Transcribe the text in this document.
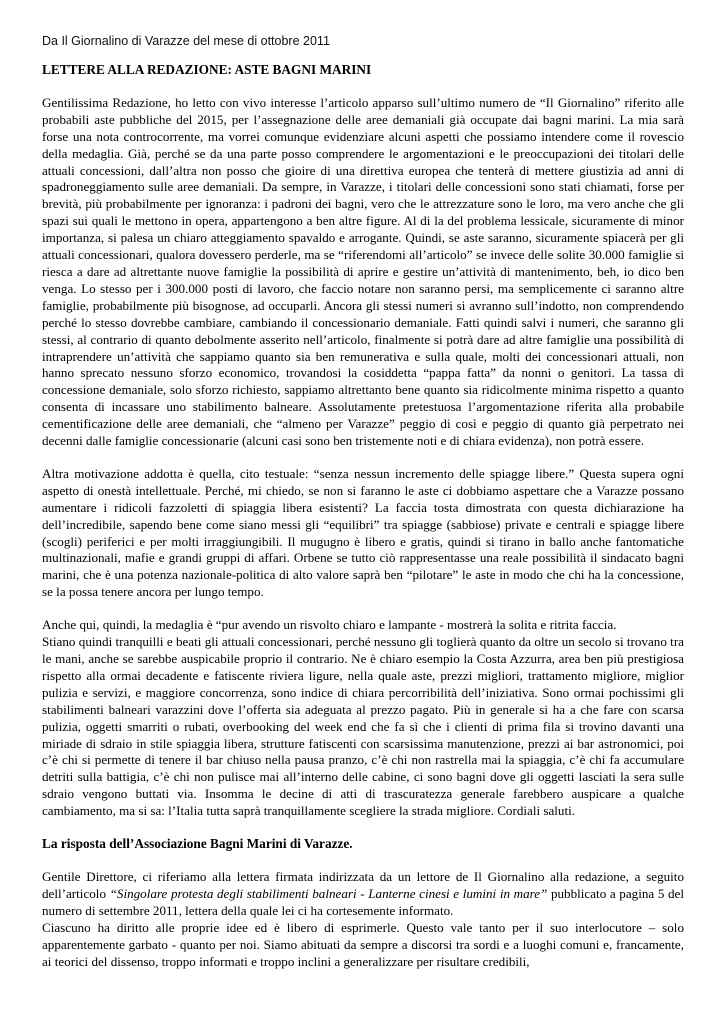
Da Il Giornalino di Varazze del mese di ottobre 2011
LETTERE ALLA REDAZIONE: ASTE BAGNI MARINI

Gentilissima Redazione, ho letto con vivo interesse l’articolo apparso sull’ultimo numero de “Il Giornalino” riferito alle probabili aste pubbliche del 2015, per l’assegnazione delle aree demaniali già occupate dai bagni marini. La mia sarà forse una nota controcorrente, ma vorrei comunque evidenziare alcuni aspetti che possiamo intendere come il rovescio della medaglia. Già, perché se da una parte posso comprendere le argomentazioni e le preoccupazioni dei titolari delle attuali concessioni, dall’altra non posso che gioire di una direttiva europea che tenterà di mettere giustizia ad anni di spadroneggiamento sulle aree demaniali. Da sempre, in Varazze, i titolari delle concessioni sono stati chiamati, forse per brevità, più probabilmente per ignoranza: i padroni dei bagni, vero che le attrezzature sono le loro, ma vero anche che gli spazi sui quali le mettono in opera, appartengono a ben altre figure. Al di la del problema lessicale, sicuramente di minor importanza, si palesa un chiaro atteggiamento spavaldo e arrogante. Quindi, se aste saranno, sicuramente spiacerà per gli attuali concessionari, qualora dovessero perderle, ma se “riferendomi all’articolo” se invece delle solite 30.000 famiglie si riesca a dare ad altrettante nuove famiglie la possibilità di aprire e gestire un’attività di mantenimento, beh, io dico ben venga. Lo stesso per i 300.000 posti di lavoro, che faccio notare non saranno persi, ma semplicemente ci saranno altre famiglie, probabilmente più bisognose, ad occuparli. Ancora gli stessi numeri si avranno sull’indotto, non comprendendo perché lo stesso dovrebbe cambiare, cambiando il concessionario demaniale. Fatti quindi salvi i numeri, che saranno gli stessi, al contrario di quanto debolmente asserito nell’articolo, finalmente si potrà dare ad altre famiglie una possibilità di intraprendere un’attività che sappiamo quanto sia ben remunerativa e sulla quale, molti dei concessionari attuali, non hanno sprecato nessuno sforzo economico, trovandosi la cosiddetta “pappa fatta” da nonni o genitori. La tassa di concessione demaniale, solo sforzo richiesto, sappiamo altrettanto bene quanto sia ridicolmente minima rispetto a quanto consenta di incassare uno stabilimento balneare. Assolutamente pretestuosa l’argomentazione riferita alla probabile cementificazione delle aree demaniali, che “almeno per Varazze” peggio di così e peggio di quanto già perpetrato nei decenni dalle famiglie concessionarie (alcuni casi sono ben tristemente noti e di chiara evidenza), non potrà essere.

Altra motivazione addotta è quella, cito testuale: “senza nessun incremento delle spiagge libere.” Questa supera ogni aspetto di onestà intellettuale. Perché, mi chiedo, se non si faranno le aste ci dobbiamo aspettare che a Varazze possano aumentare i ridicoli fazzoletti di spiaggia libera esistenti? La faccia tosta dimostrata con questa dichiarazione ha dell’incredibile, sapendo bene come siano messi gli “equilibri” tra spiagge (sabbiose) private e centrali e spiagge libere (scogli) periferici e per molti irraggiungibili. Il mugugno è libero e gratis, quindi si tirano in ballo anche fantomatiche multinazionali, mafie e grandi gruppi di affari. Orbene se tutto ciò rappresentasse una reale possibilità il sindacato bagni marini, che è una potenza nazionale-politica di alto valore saprà ben “pilotare” le aste in modo che chi ha la concessione, se la possa tenere ancora per lungo tempo.

Anche qui, quindi, la medaglia è “pur avendo un risvolto chiaro e lampante - mostrerà la solita e ritrita faccia.

Stiano quindi tranquilli e beati gli attuali concessionari, perché nessuno gli toglierà quanto da oltre un secolo si trovano tra le mani, anche se sarebbe auspicabile proprio il contrario. Ne è chiaro esempio la Costa Azzurra, area ben più prestigiosa rispetto alla ormai decadente e fatiscente riviera ligure, nella quale aste, prezzi migliori, trattamento migliore, miglior pulizia e servizi, e maggiore concorrenza, sono indice di chiara percorribilità dell’iniziativa. Sono ormai pochissimi gli stabilimenti balneari varazzini dove l’offerta sia adeguata al prezzo pagato. Più in generale si ha a che fare con scarsa pulizia, oggetti smarriti o rubati, overbooking del week end che fa sì che i clienti di prima fila si trovino davanti una miriade di sdraio in stile spiaggia libera, strutture fatiscenti con scarsissima manutenzione, prezzi ai bar astronomici, poi c’è chi si permette di tenere il bar chiuso nella pausa pranzo, c’è chi non rastrella mai la spiaggia, c’è chi fa accumulare detriti sulla battigia, c’è chi non pulisce mai all’interno delle cabine, ci sono bagni dove gli oggetti lasciati la sera sulle sdraio vengono buttati via. Insomma le decine di atti di trascuratezza generale farebbero auspicare a qualche cambiamento, ma si sa: l’Italia tutta saprà tranquillamente scegliere la strada migliore. Cordiali saluti.

La risposta dell’Associazione Bagni Marini di Varazze.

Gentile Direttore, ci riferiamo alla lettera firmata indirizzata da un lettore de Il Giornalino alla redazione, a seguito dell’articolo “Singolare protesta degli stabilimenti balneari - Lanterne cinesi e lumini in mare” pubblicato a pagina 5 del numero di settembre 2011, lettera della quale lei ci ha cortesemente informato.

Ciascuno ha diritto alle proprie idee ed è libero di esprimerle. Questo vale tanto per il suo interlocutore – solo apparentemente garbato - quanto per noi. Siamo abituati da sempre a discorsi tra sordi e a luoghi comuni e, francamente, ai teorici del dissenso, troppo informati e troppo inclini a generalizzare per risultare credibili,
